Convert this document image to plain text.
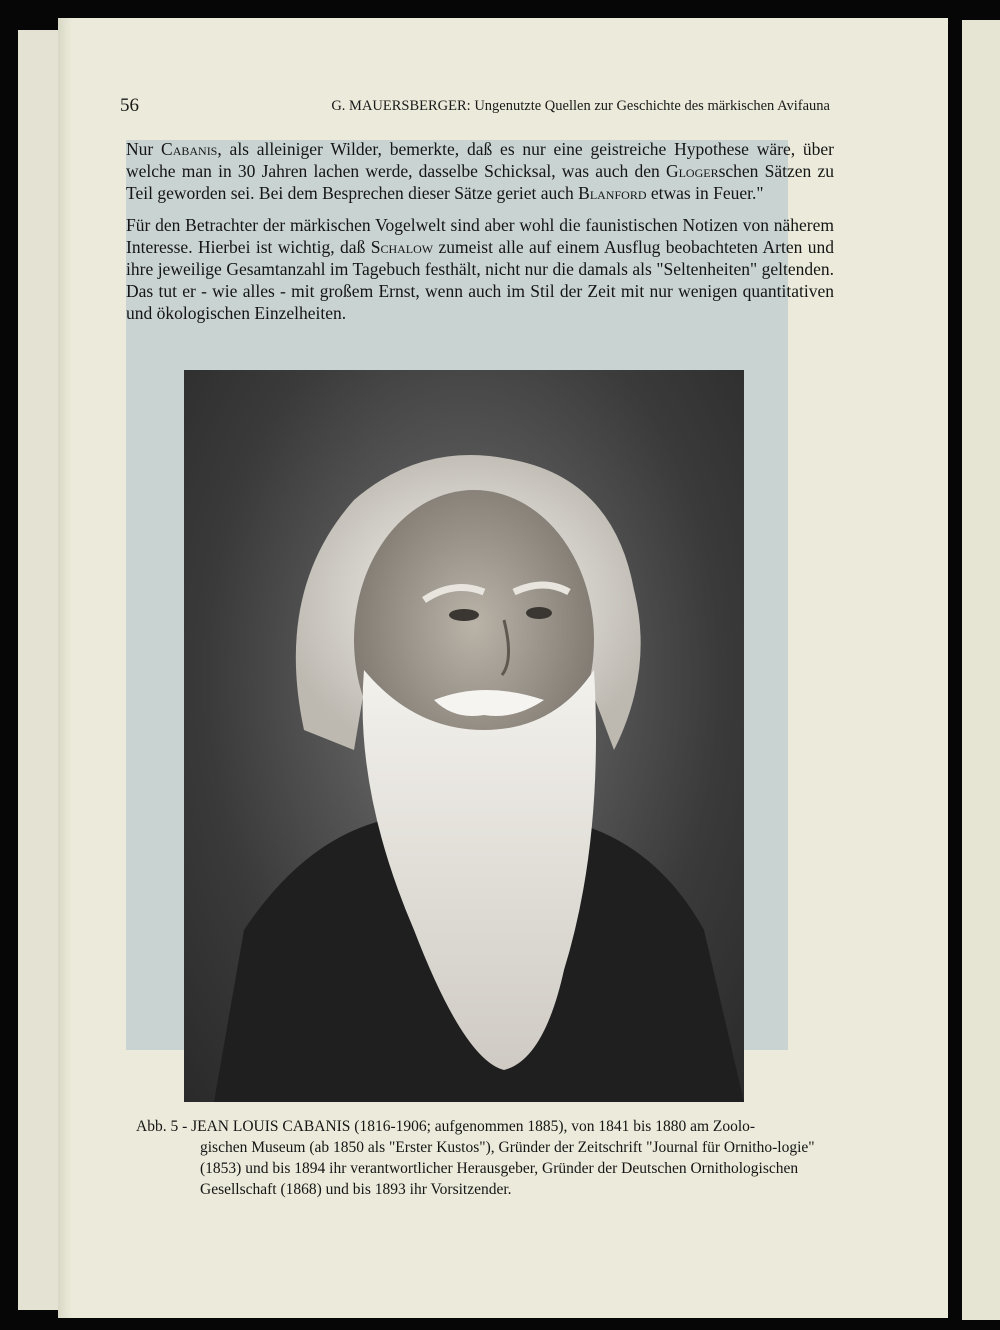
56	G. MAUERSBERGER: Ungenutzte Quellen zur Geschichte des märkischen Avifauna

Nur Cabanis, als alleiniger Wilder, bemerkte, daß es nur eine geistreiche Hypothese wäre, über welche man in 30 Jahren lachen werde, dasselbe Schicksal, was auch den Glogerschen Sätzen zu Teil geworden sei. Bei dem Besprechen dieser Sätze geriet auch Blanford etwas in Feuer."

Für den Betrachter der märkischen Vogelwelt sind aber wohl die faunistischen Notizen von näherem Interesse. Hierbei ist wichtig, daß Schalow zumeist alle auf einem Ausflug beobachteten Arten und ihre jeweilige Gesamtanzahl im Tagebuch festhält, nicht nur die damals als "Seltenheiten" geltenden. Das tut er - wie alles - mit großem Ernst, wenn auch im Stil der Zeit mit nur wenigen quantitativen und ökologischen Einzelheiten.

Abb. 5 - JEAN LOUIS CABANIS (1816-1906; aufgenommen 1885), von 1841 bis 1880 am Zoolo-
gischen Museum (ab 1850 als "Erster Kustos"), Gründer der Zeitschrift "Journal für Ornitho-logie" (1853) und bis 1894 ihr verantwortlicher Herausgeber, Gründer der Deutschen Ornithologischen Gesellschaft (1868) und bis 1893 ihr Vorsitzender.
